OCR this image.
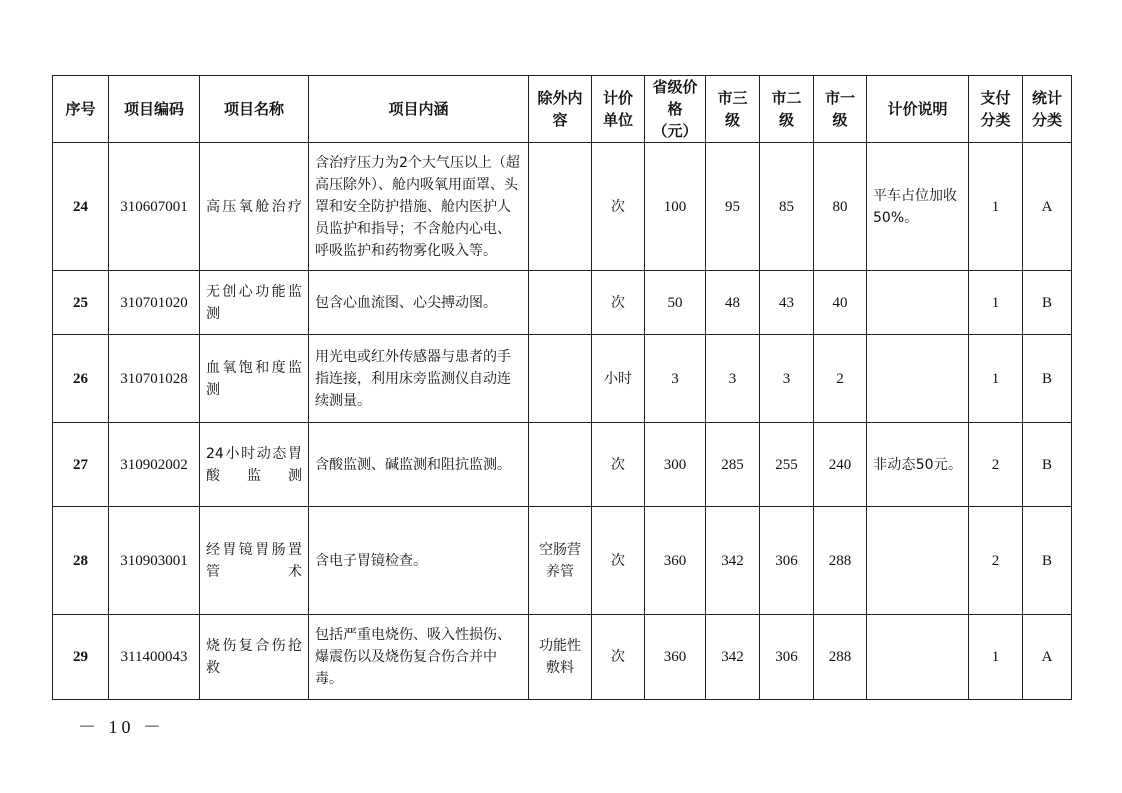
序号	项目编码	项目名称	项目内涵	除外内容	计价单位	省级价格（元）	市三级	市二级	市一级	计价说明	支付分类	统计分类
24	310607001	高压氧舱治疗	含治疗压力为2个大气压以上（超高压除外）、舱内吸氧用面罩、头罩和安全防护措施、舱内医护人员监护和指导；不含舱内心电、呼吸监护和药物雾化吸入等。		次	100	95	85	80	平车占位加收50%。	1	A
25	310701020	无创心功能监测	包含心血流图、心尖搏动图。		次	50	48	43	40		1	B
26	310701028	血氧饱和度监测	用光电或红外传感器与患者的手指连接，利用床旁监测仪自动连续测量。		小时	3	3	3	2		1	B
27	310902002	24小时动态胃酸监测	含酸监测、碱监测和阻抗监测。		次	300	285	255	240	非动态50元。	2	B
28	310903001	经胃镜胃肠置管术	含电子胃镜检查。	空肠营养管	次	360	342	306	288		2	B
29	311400043	烧伤复合伤抢救	包括严重电烧伤、吸入性损伤、爆震伤以及烧伤复合伤合并中毒。	功能性敷料	次	360	342	306	288		1	A
－ 10 －
